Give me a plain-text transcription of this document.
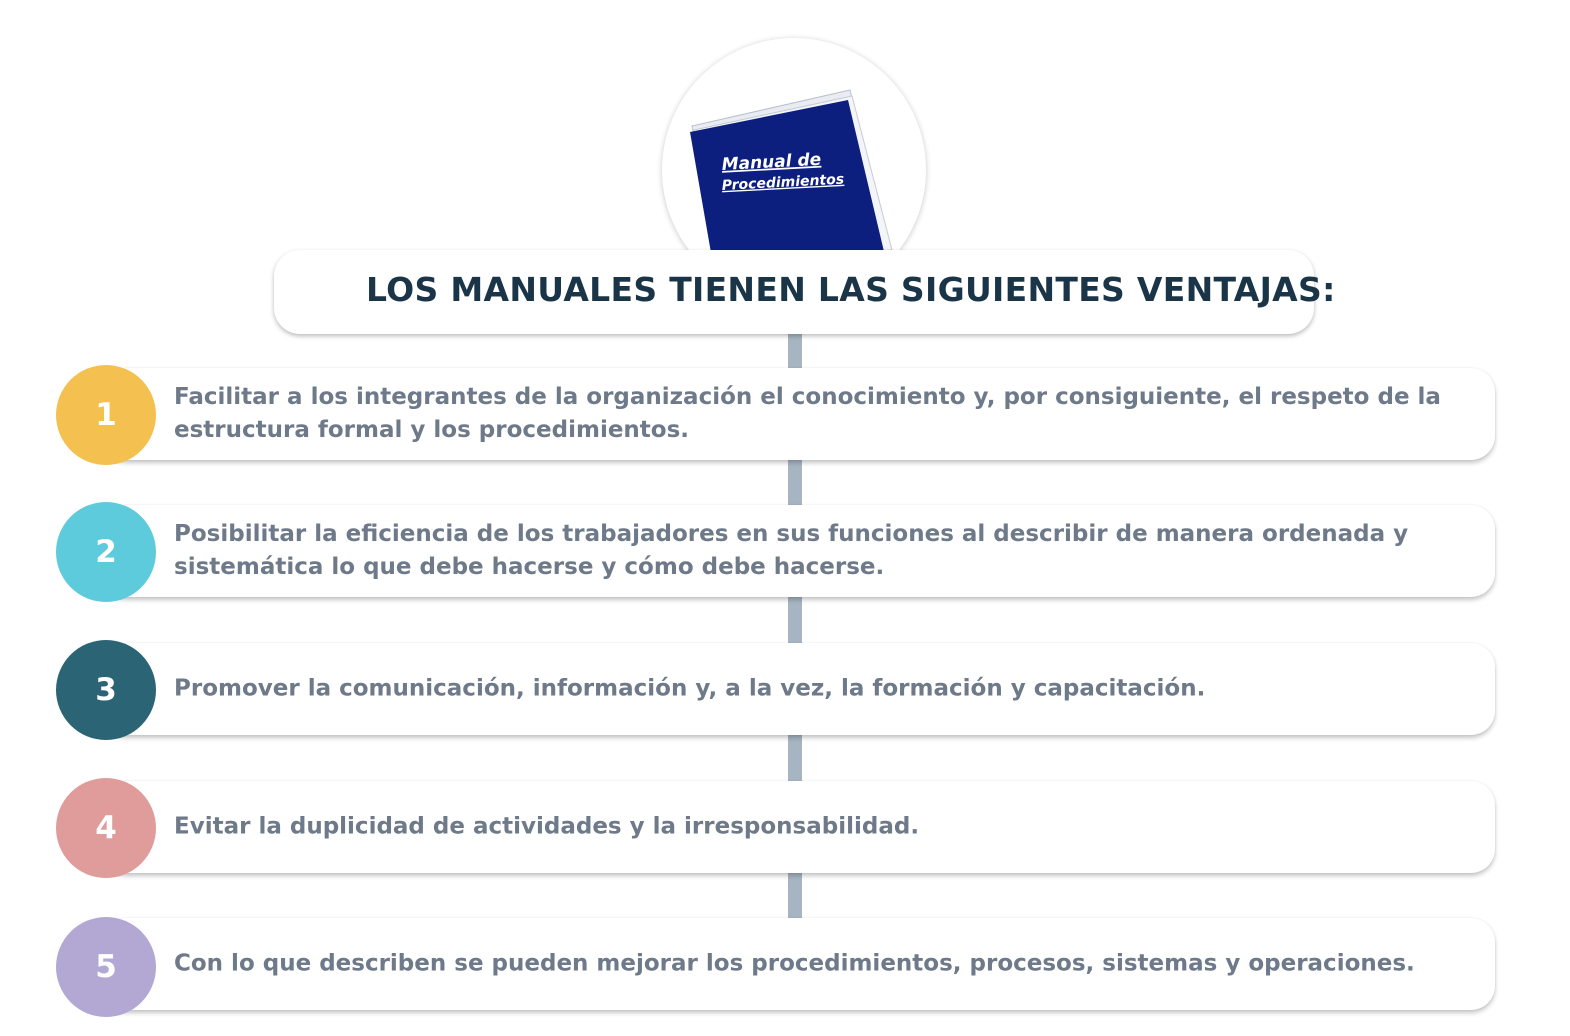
Manual de
Procedimientos
LOS MANUALES TIENEN LAS SIGUIENTES VENTAJAS:
Facilitar a los integrantes de la organización el conocimiento y, por consiguiente, el respeto de la estructura formal y los procedimientos.
1
Posibilitar la eficiencia de los trabajadores en sus funciones al describir de manera ordenada y sistemática lo que debe hacerse y cómo debe hacerse.
2
Promover la comunicación, información y, a la vez, la formación y capacitación.
3
Evitar la duplicidad de actividades y la irresponsabilidad.
4
Con lo que describen se pueden mejorar los procedimientos, procesos, sistemas y operaciones.
5
